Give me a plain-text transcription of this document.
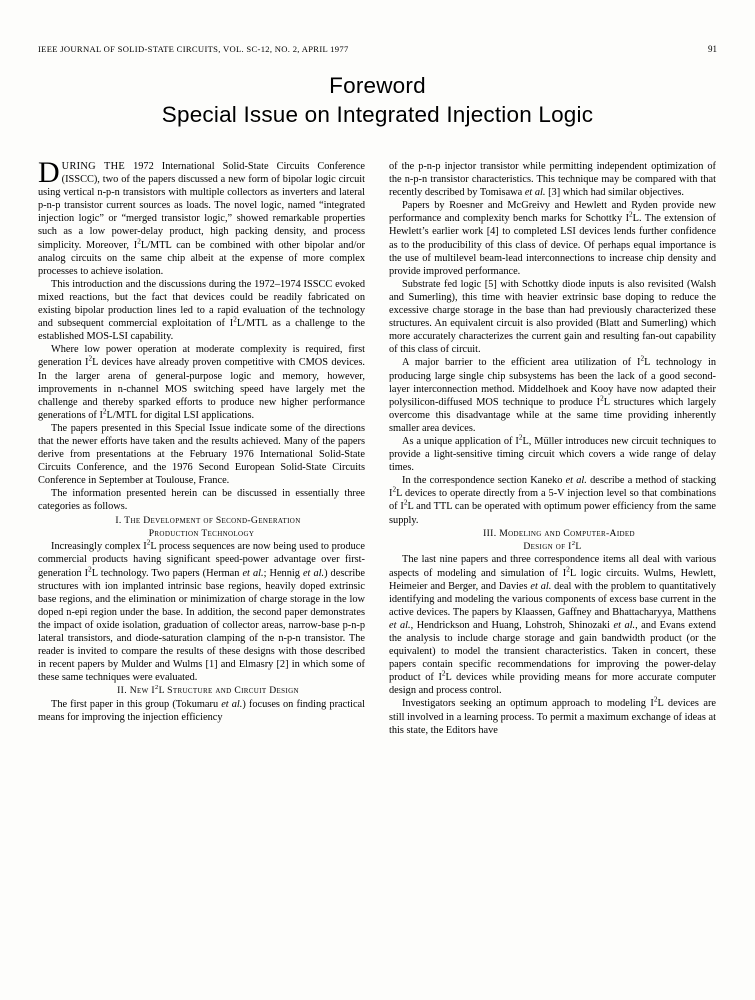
IEEE JOURNAL OF SOLID-STATE CIRCUITS, VOL. SC-12, NO. 2, APRIL 1977	91
Foreword
Special Issue on Integrated Injection Logic

D URING THE 1972 International Solid-State Circuits Conference (ISSCC), two of the papers discussed a new form of bipolar logic circuit using vertical n-p-n transistors with multiple collectors as inverters and lateral p-n-p transistor current sources as loads. The novel logic, named “integrated injection logic” or “merged transistor logic,” showed remarkable properties such as a low power-delay product, high packing density, and process simplicity. Moreover, $I^2L$/MTL can be combined with other bipolar and/or analog circuits on the same chip albeit at the expense of more complex processes to achieve isolation.

This introduction and the discussions during the 1972–1974 ISSCC evoked mixed reactions, but the fact that devices could be readily fabricated on existing bipolar production lines led to a rapid evaluation of the technology and subsequent commercial exploitation of $I^2L$/MTL as a challenge to the established MOS-LSI capability.

Where low power operation at moderate complexity is required, first generation $I^2L$ devices have already proven competitive with CMOS devices. In the larger arena of general-purpose logic and memory, however, improvements in n-channel MOS switching speed have largely met the challenge and thereby sparked efforts to produce new higher performance generations of $I^2L$/MTL for digital LSI applications.

The papers presented in this Special Issue indicate some of the directions that the newer efforts have taken and the results achieved. Many of the papers derive from presentations at the February 1976 International Solid-State Circuits Conference, and the 1976 Second European Solid-State Circuits Conference in September at Toulouse, France.

The information presented herein can be discussed in essentially three categories as follows.

I. The Development of Second-Generation
Production Technology

Increasingly complex $I^2L$ process sequences are now being used to produce commercial products having significant speed-power advantage over first-generation $I^2L$ technology. Two papers (Herman et al.; Hennig et al.) describe structures with ion implanted intrinsic base regions, heavily doped extrinsic base regions, and the elimination or minimization of charge storage in the low doped n-epi region under the base. In addition, the second paper demonstrates the impact of oxide isolation, graduation of collector areas, narrow-base p-n-p lateral transistors, and diode-saturation clamping of the n-p-n transistor. The reader is invited to compare the results of these designs with those described in recent papers by Mulder and Wulms [1] and Elmasry [2] in which some of these same techniques were evaluated.

II. New $I^2L$ Structure and Circuit Design

The first paper in this group (Tokumaru et al.) focuses on finding practical means for improving the injection efficiency

of the p-n-p injector transistor while permitting independent optimization of the n-p-n transistor characteristics. This technique may be compared with that recently described by Tomisawa et al. [3] which had similar objectives.

Papers by Roesner and McGreivy and Hewlett and Ryden provide new performance and complexity bench marks for Schottky $I^2L$. The extension of Hewlett’s earlier work [4] to completed LSI devices lends further confidence as to the producibility of this class of device. Of perhaps equal importance is the use of multilevel beam-lead interconnections to increase chip density and provide improved performance.

Substrate fed logic [5] with Schottky diode inputs is also revisited (Walsh and Sumerling), this time with heavier extrinsic base doping to reduce the excessive charge storage in the base than had previously characterized these structures. An equivalent circuit is also provided (Blatt and Sumerling) which more accurately characterizes the current gain and resulting fan-out capability of this class of circuit.

A major barrier to the efficient area utilization of $I^2L$ technology in producing large single chip subsystems has been the lack of a good second-layer interconnection method. Middelhoek and Kooy have now adapted their polysilicon-diffused MOS technique to produce $I^2L$ structures which largely overcome this disadvantage while at the same time providing inherently smaller area devices.

As a unique application of $I^2L$, Müller introduces new circuit techniques to provide a light-sensitive timing circuit which covers a wide range of delay times.

In the correspondence section Kaneko et al. describe a method of stacking $I^2L$ devices to operate directly from a 5-V injection level so that combinations of $I^2L$ and TTL can be operated with optimum power efficiency from the same supply.

III. Modeling and Computer-Aided
Design of $I^2L$

The last nine papers and three correspondence items all deal with various aspects of modeling and simulation of $I^2L$ logic circuits. Wulms, Hewlett, Heimeier and Berger, and Davies et al. deal with the problem to quantitatively identifying and modeling the various components of excess base current in the active devices. The papers by Klaassen, Gaffney and Bhattacharyya, Matthens et al., Hendrickson and Huang, Lohstroh, Shinozaki et al., and Evans extend the analysis to include charge storage and gain bandwidth product (or the equivalent) to model the transient characteristics. Taken in concert, these papers contain specific recommendations for improving the power-delay product of $I^2L$ devices while providing means for more accurate computer design and process control.

Investigators seeking an optimum approach to modeling $I^2L$ devices are still involved in a learning process. To permit a maximum exchange of ideas at this state, the Editors have
